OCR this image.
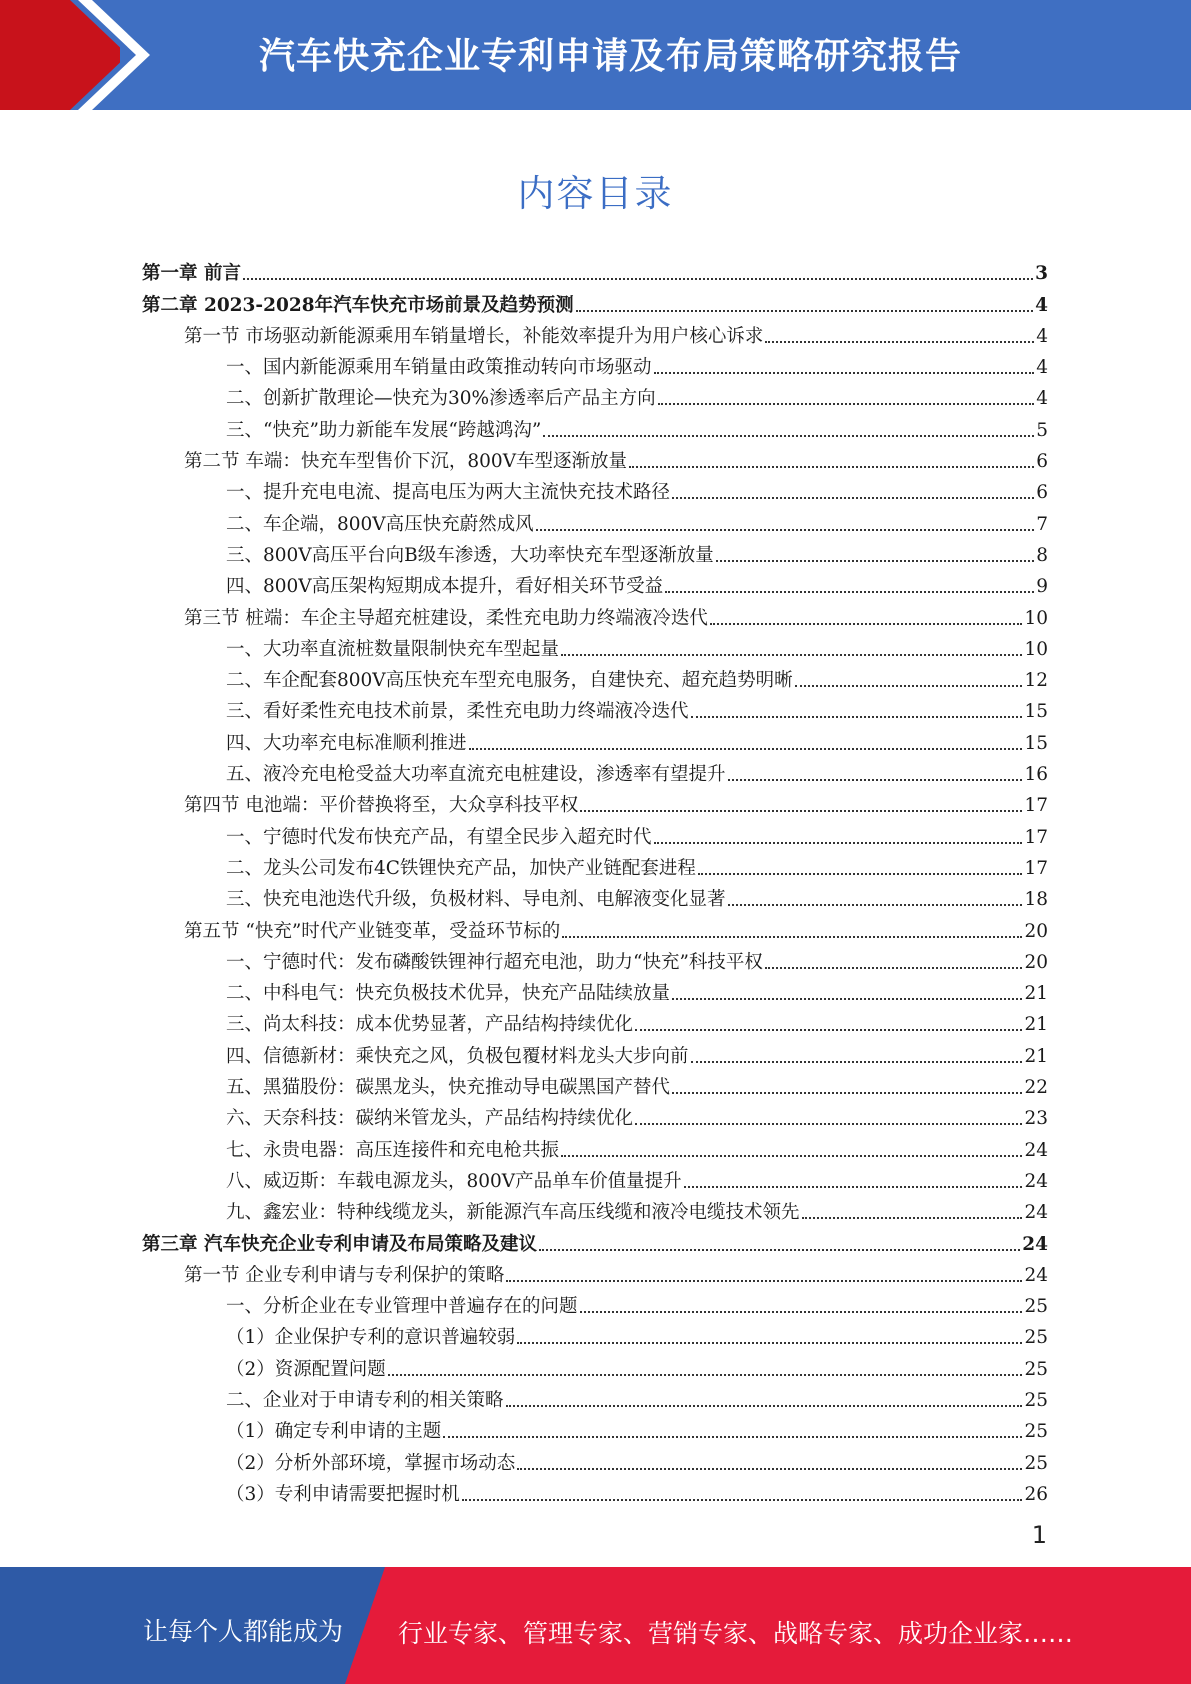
汽车快充企业专利申请及布局策略研究报告
内容目录
第一章 前言	3
第二章 2023-2028年汽车快充市场前景及趋势预测	4
第一节 市场驱动新能源乘用车销量增长，补能效率提升为用户核心诉求	4
一、国内新能源乘用车销量由政策推动转向市场驱动	4
二、创新扩散理论—快充为30%渗透率后产品主方向	4
三、“快充”助力新能车发展“跨越鸿沟”	5
第二节 车端：快充车型售价下沉，800V车型逐渐放量	6
一、提升充电电流、提高电压为两大主流快充技术路径	6
二、车企端，800V高压快充蔚然成风	7
三、800V高压平台向B级车渗透，大功率快充车型逐渐放量	8
四、800V高压架构短期成本提升，看好相关环节受益	9
第三节 桩端：车企主导超充桩建设，柔性充电助力终端液冷迭代	10
一、大功率直流桩数量限制快充车型起量	10
二、车企配套800V高压快充车型充电服务，自建快充、超充趋势明晰	12
三、看好柔性充电技术前景，柔性充电助力终端液冷迭代	15
四、大功率充电标准顺利推进	15
五、液冷充电枪受益大功率直流充电桩建设，渗透率有望提升	16
第四节 电池端：平价替换将至，大众享科技平权	17
一、宁德时代发布快充产品，有望全民步入超充时代	17
二、龙头公司发布4C铁锂快充产品，加快产业链配套进程	17
三、快充电池迭代升级，负极材料、导电剂、电解液变化显著	18
第五节 “快充”时代产业链变革，受益环节标的	20
一、宁德时代：发布磷酸铁锂神行超充电池，助力“快充”科技平权	20
二、中科电气：快充负极技术优异，快充产品陆续放量	21
三、尚太科技：成本优势显著，产品结构持续优化	21
四、信德新材：乘快充之风，负极包覆材料龙头大步向前	21
五、黑猫股份：碳黑龙头，快充推动导电碳黑国产替代	22
六、天奈科技：碳纳米管龙头，产品结构持续优化	23
七、永贵电器：高压连接件和充电枪共振	24
八、威迈斯：车载电源龙头，800V产品单车价值量提升	24
九、鑫宏业：特种线缆龙头，新能源汽车高压线缆和液冷电缆技术领先	24
第三章 汽车快充企业专利申请及布局策略及建议	24
第一节 企业专利申请与专利保护的策略	24
一、分析企业在专业管理中普遍存在的问题	25
（1）企业保护专利的意识普遍较弱	25
（2）资源配置问题	25
二、企业对于申请专利的相关策略	25
（1）确定专利申请的主题	25
（2）分析外部环境，掌握市场动态	25
（3）专利申请需要把握时机	26
1
让每个人都能成为 行业专家、管理专家、营销专家、战略专家、成功企业家……
